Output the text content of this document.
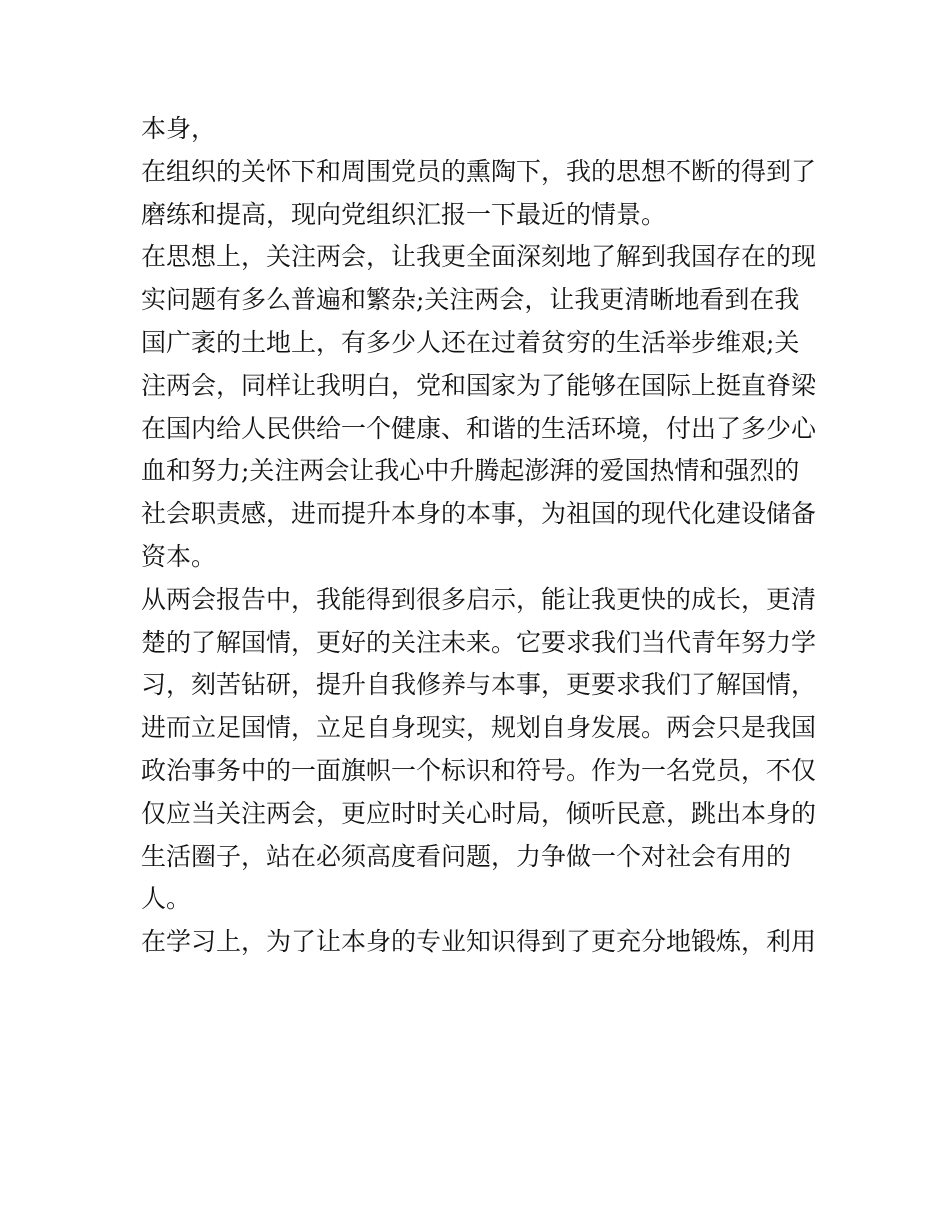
本身，
在组织的关怀下和周围党员的熏陶下，我的思想不断的得到了
磨练和提高，现向党组织汇报一下最近的情景。
在思想上，关注两会，让我更全面深刻地了解到我国存在的现
实问题有多么普遍和繁杂;关注两会，让我更清晰地看到在我
国广袤的土地上，有多少人还在过着贫穷的生活举步维艰;关
注两会，同样让我明白，党和国家为了能够在国际上挺直脊梁
在国内给人民供给一个健康、和谐的生活环境，付出了多少心
血和努力;关注两会让我心中升腾起澎湃的爱国热情和强烈的
社会职责感，进而提升本身的本事，为祖国的现代化建设储备
资本。
从两会报告中，我能得到很多启示，能让我更快的成长，更清
楚的了解国情，更好的关注未来。它要求我们当代青年努力学
习，刻苦钻研，提升自我修养与本事，更要求我们了解国情，
进而立足国情，立足自身现实，规划自身发展。两会只是我国
政治事务中的一面旗帜一个标识和符号。作为一名党员，不仅
仅应当关注两会，更应时时关心时局，倾听民意，跳出本身的
生活圈子，站在必须高度看问题，力争做一个对社会有用的
人。
在学习上，为了让本身的专业知识得到了更充分地锻炼，利用
